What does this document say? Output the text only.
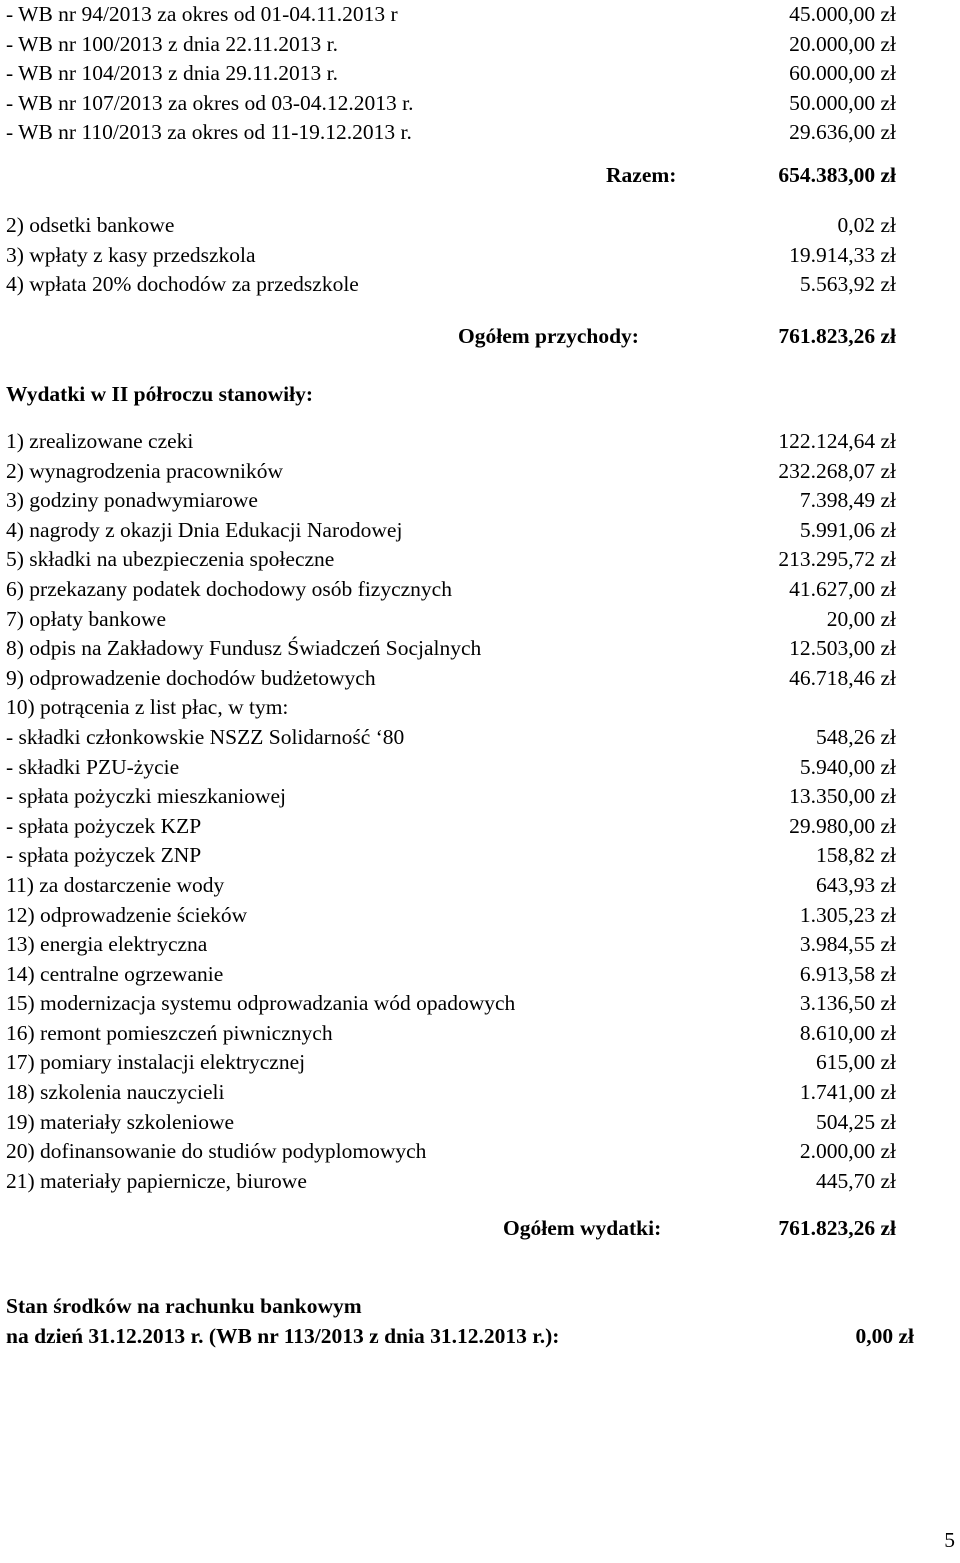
- WB nr 94/2013 za okres od 01-04.11.2013 r	45.000,00 zł
- WB nr 100/2013 z dnia 22.11.2013 r.	20.000,00 zł
- WB nr 104/2013 z dnia 29.11.2013 r.	60.000,00 zł
- WB nr 107/2013 za okres od 03-04.12.2013 r.	50.000,00 zł
- WB nr 110/2013 za okres od 11-19.12.2013 r.	29.636,00 zł
Razem:	654.383,00 zł
2) odsetki bankowe	0,02 zł
3) wpłaty z kasy przedszkola	19.914,33 zł
4) wpłata 20% dochodów za przedszkole	5.563,92 zł
Ogółem przychody:	761.823,26 zł
Wydatki w II półroczu stanowiły:
1) zrealizowane czeki	122.124,64 zł
2) wynagrodzenia pracowników	232.268,07 zł
3) godziny ponadwymiarowe	7.398,49 zł
4) nagrody z okazji Dnia Edukacji Narodowej	5.991,06 zł
5) składki na ubezpieczenia społeczne	213.295,72 zł
6) przekazany podatek dochodowy osób fizycznych	41.627,00 zł
7) opłaty bankowe	20,00 zł
8) odpis na Zakładowy Fundusz Świadczeń Socjalnych	12.503,00 zł
9) odprowadzenie dochodów budżetowych	46.718,46 zł
10) potrącenia z list płac, w tym:
- składki członkowskie NSZZ Solidarność ‘80	548,26 zł
- składki PZU-życie	5.940,00 zł
- spłata pożyczki mieszkaniowej	13.350,00 zł
- spłata pożyczek KZP	29.980,00 zł
- spłata pożyczek ZNP	158,82 zł
11) za dostarczenie wody	643,93 zł
12) odprowadzenie ścieków	1.305,23 zł
13) energia elektryczna	3.984,55 zł
14) centralne ogrzewanie	6.913,58 zł
15) modernizacja systemu odprowadzania wód opadowych	3.136,50 zł
16) remont pomieszczeń piwnicznych	8.610,00 zł
17) pomiary instalacji elektrycznej	615,00 zł
18) szkolenia nauczycieli	1.741,00 zł
19) materiały szkoleniowe	504,25 zł
20) dofinansowanie do studiów podyplomowych	2.000,00 zł
21) materiały papiernicze, biurowe	445,70 zł
Ogółem wydatki:	761.823,26 zł
Stan środków na rachunku bankowym
na dzień 31.12.2013 r. (WB nr 113/2013 z dnia 31.12.2013 r.):	0,00 zł
5
